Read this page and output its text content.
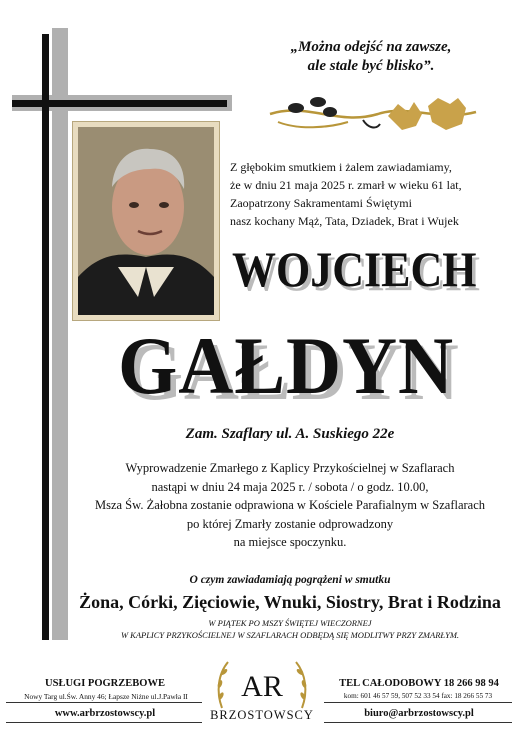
„Można odejść na zawsze,
ale stale być blisko”.
Z głębokim smutkiem i żalem zawiadamiamy,
że w dniu 21 maja 2025 r. zmarł w wieku 61 lat,
Zaopatrzony Sakramentami Świętymi
nasz kochany Mąż, Tata, Dziadek, Brat i Wujek
WOJCIECH
GAŁDYN
Zam. Szaflary ul. A. Suskiego 22e
Wyprowadzenie Zmarłego z Kaplicy Przykościelnej w Szaflarach
nastąpi w dniu 24 maja 2025 r. / sobota / o godz. 10.00,
Msza Św. Żałobna zostanie odprawiona w Kościele Parafialnym w Szaflarach
po której Zmarły zostanie odprowadzony
na miejsce spoczynku.
O czym zawiadamiają pogrążeni w smutku
Żona, Córki, Zięciowie, Wnuki, Siostry, Brat i Rodzina
W PIĄTEK PO MSZY ŚWIĘTEJ WIECZORNEJ
W KAPLICY PRZYKOŚCIELNEJ W SZAFLARACH ODBĘDĄ SIĘ MODLITWY PRZY ZMARŁYM.
USŁUGI POGRZEBOWE
Nowy Targ ul.Św. Anny 46; Łapsze Niżne ul.J.Pawła II
www.arbrzostowscy.pl
AR
BRZOSTOWSCY
TEL CAŁODOBOWY 18 266 98 94
kom: 601 46 57 59, 507 52 33 54 fax: 18 266 55 73
biuro@arbrzostowscy.pl
